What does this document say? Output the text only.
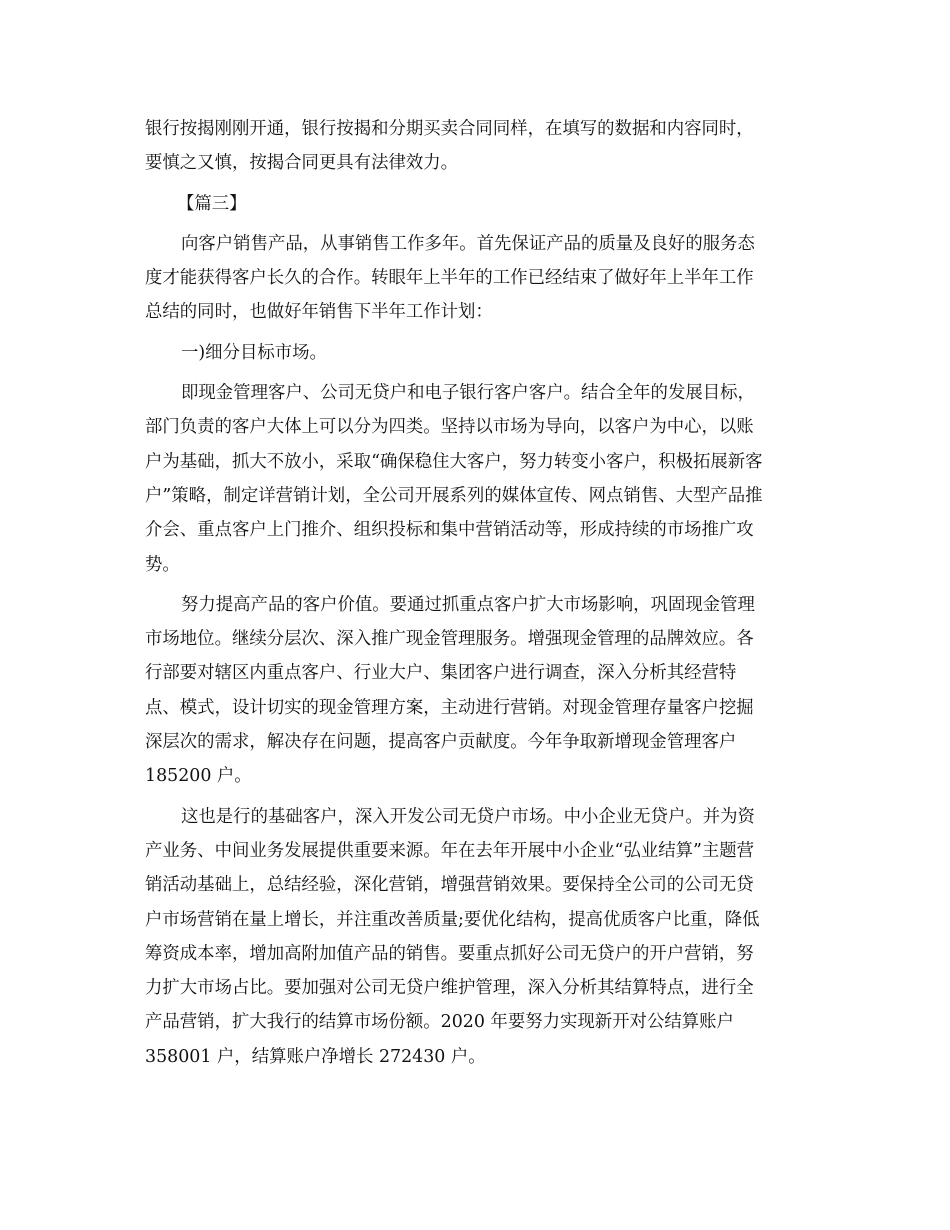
银行按揭刚刚开通，银行按揭和分期买卖合同同样，在填写的数据和内容同时，
要慎之又慎，按揭合同更具有法律效力。
【篇三】
向客户销售产品，从事销售工作多年。首先保证产品的质量及良好的服务态
度才能获得客户长久的合作。转眼年上半年的工作已经结束了做好年上半年工作
总结的同时，也做好年销售下半年工作计划：
一)细分目标市场。
即现金管理客户、公司无贷户和电子银行客户客户。结合全年的发展目标，
部门负责的客户大体上可以分为四类。坚持以市场为导向，以客户为中心，以账
户为基础，抓大不放小，采取“确保稳住大客户，努力转变小客户，积极拓展新客
户”策略，制定详营销计划，全公司开展系列的媒体宣传、网点销售、大型产品推
介会、重点客户上门推介、组织投标和集中营销活动等，形成持续的市场推广攻
势。
努力提高产品的客户价值。要通过抓重点客户扩大市场影响，巩固现金管理
市场地位。继续分层次、深入推广现金管理服务。增强现金管理的品牌效应。各
行部要对辖区内重点客户、行业大户、集团客户进行调查，深入分析其经营特
点、模式，设计切实的现金管理方案，主动进行营销。对现金管理存量客户挖掘
深层次的需求，解决存在问题，提高客户贡献度。今年争取新增现金管理客户
185200 户。
这也是行的基础客户，深入开发公司无贷户市场。中小企业无贷户。并为资
产业务、中间业务发展提供重要来源。年在去年开展中小企业“弘业结算”主题营
销活动基础上，总结经验，深化营销，增强营销效果。要保持全公司的公司无贷
户市场营销在量上增长，并注重改善质量;要优化结构，提高优质客户比重，降低
筹资成本率，增加高附加值产品的销售。要重点抓好公司无贷户的开户营销，努
力扩大市场占比。要加强对公司无贷户维护管理，深入分析其结算特点，进行全
产品营销，扩大我行的结算市场份额。2020 年要努力实现新开对公结算账户
358001 户，结算账户净增长 272430 户。
